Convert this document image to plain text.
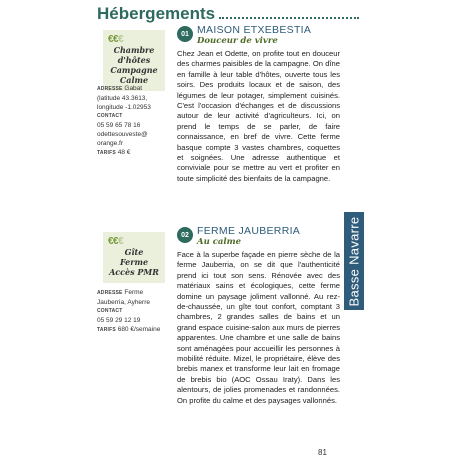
Hébergements
Basse Navarre
€€€
Chambre d'hôtes
Campagne
Calme
ADRESSE Gabat
(latitude 43.3613,
longitude -1.02953
CONTACT
05 59 65 78 16
odettesouveste@
orange.fr
TARIFS 48 €
01 MAISON ETXEBESTIA
Douceur de vivre
Chez Jean et Odette, on profite tout en douceur des charmes paisibles de la campagne. On dîne en famille à leur table d'hôtes, ouverte tous les soirs. Des produits locaux et de saison, des légumes de leur potager, simplement cuisinés. C'est l'occasion d'échanges et de discussions autour de leur activité d'agriculteurs. Ici, on prend le temps de se parler, de faire connaissance, en bref de vivre. Cette ferme basque compte 3 vastes chambres, coquettes et soignées. Une adresse authentique et conviviale pour se mettre au vert et profiter en toute simplicité des bienfaits de la campagne.
€€€
Gîte
Ferme
Accès PMR
ADRESSE Ferme
Jauberria, Ayherre
CONTACT
05 59 29 12 19
TARIFS 680 €/semaine
02 FERME JAUBERRIA
Au calme
Face à la superbe façade en pierre sèche de la ferme Jauberria, on se dit que l'authenticité prend ici tout son sens. Rénovée avec des matériaux sains et écologiques, cette ferme domine un paysage joliment vallonné. Au rez-de-chaussée, un gîte tout confort, comptant 3 chambres, 2 grandes salles de bains et un grand espace cuisine-salon aux murs de pierres apparentes. Une chambre et une salle de bains sont aménagées pour accueillir les personnes à mobilité réduite. Mizel, le propriétaire, élève des brebis manex et transforme leur lait en fromage de brebis bio (AOC Ossau Iraty). Dans les alentours, de jolies promenades et randonnées. On profite du calme et des paysages vallonnés.
81
